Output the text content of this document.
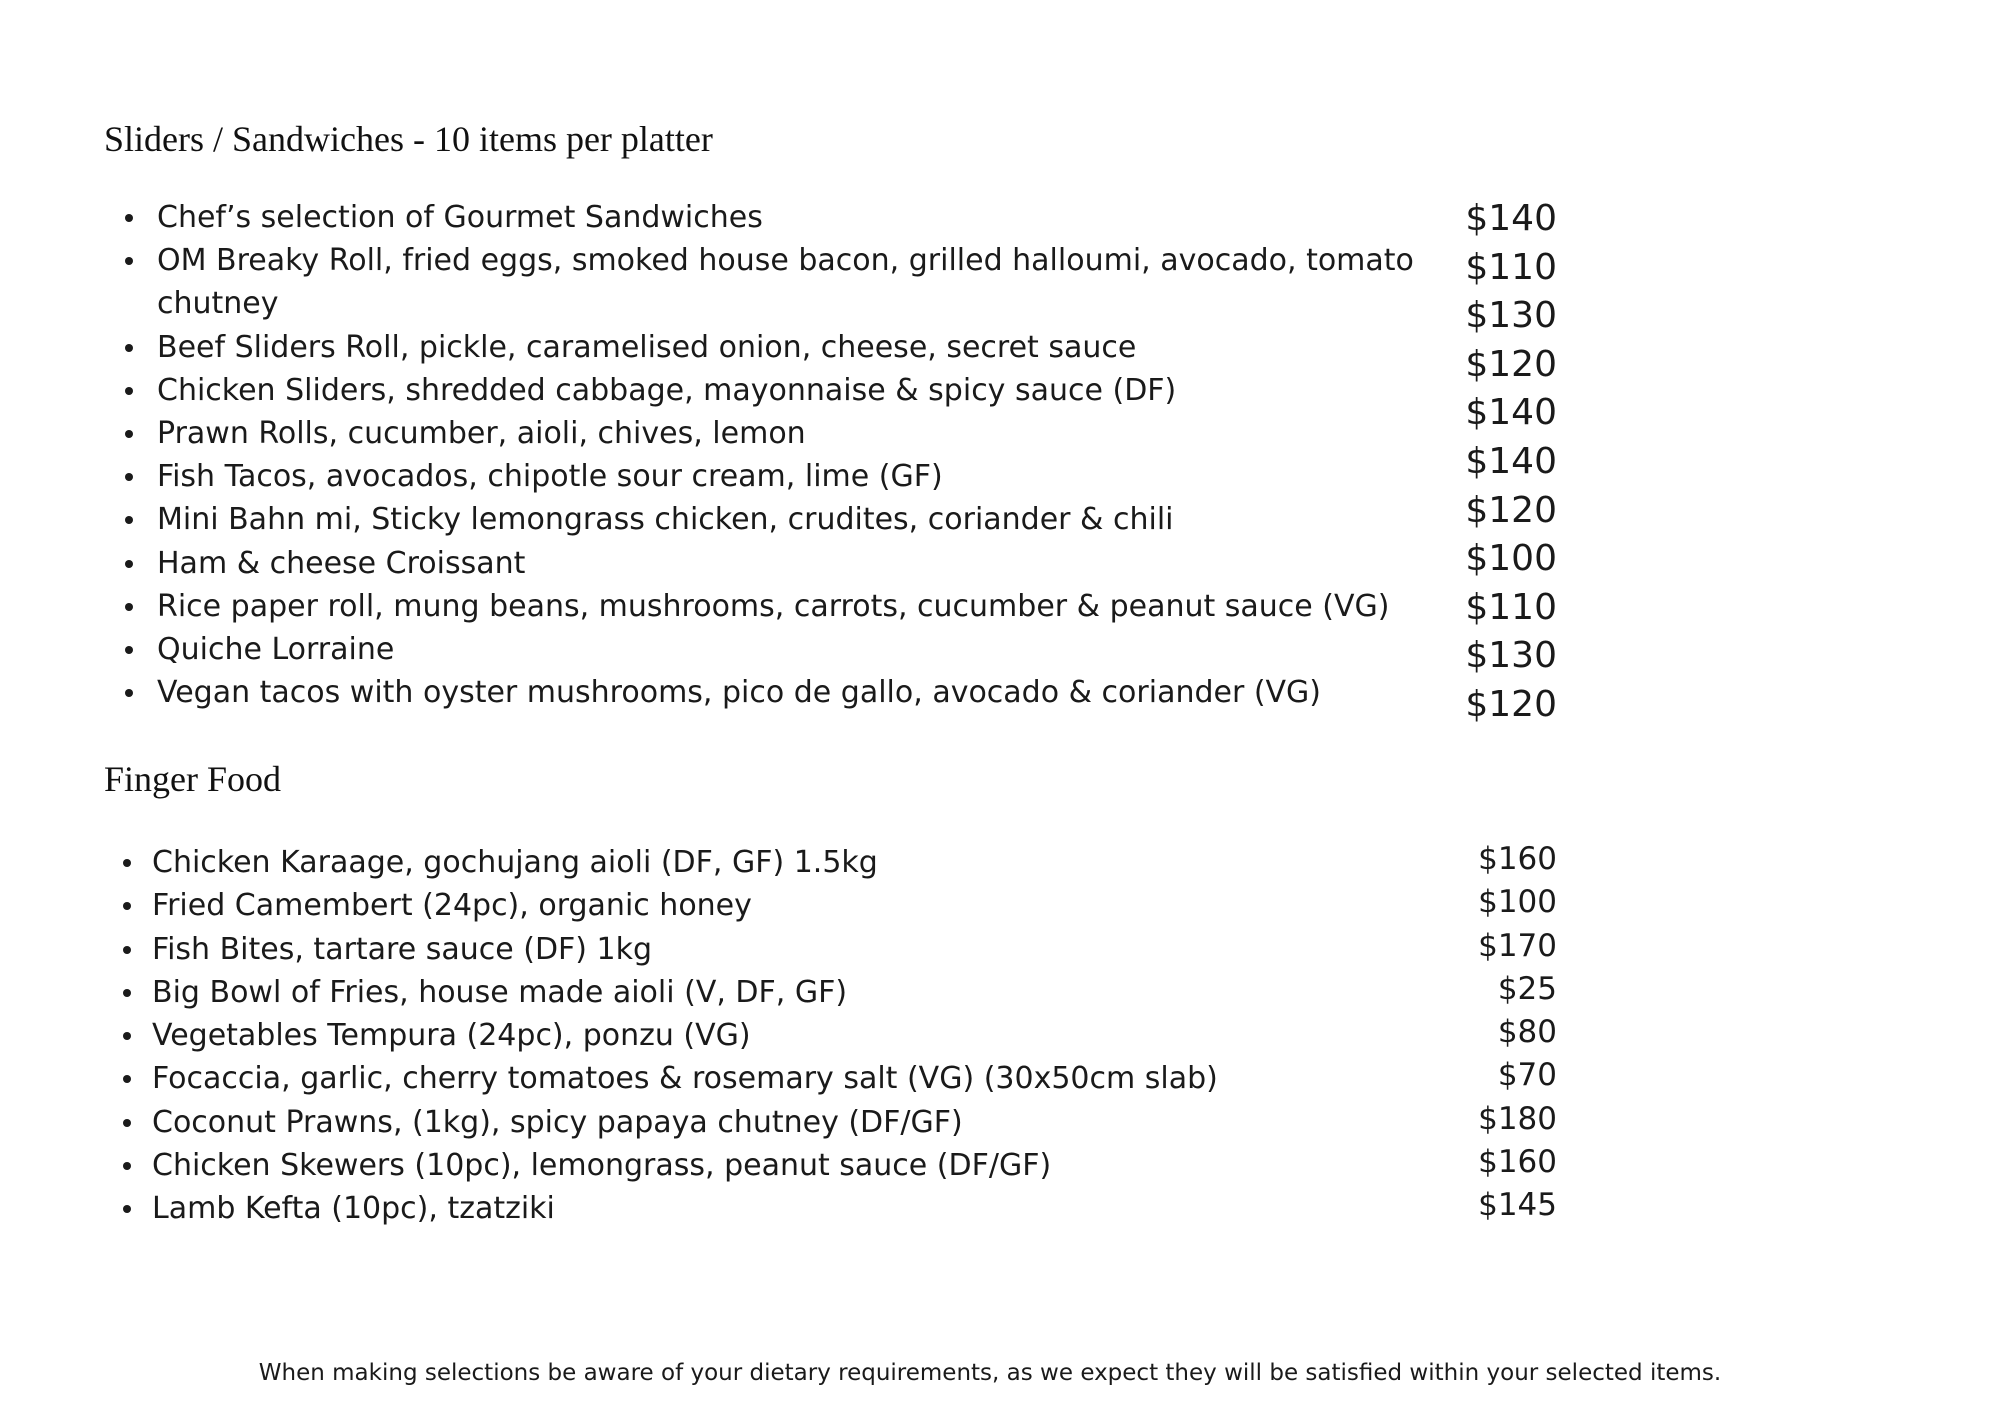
Sliders / Sandwiches - 10 items per platter
Chef’s selection of Gourmet Sandwiches
OM Breaky Roll, fried eggs, smoked house bacon, grilled halloumi, avocado, tomato chutney
Beef Sliders Roll, pickle, caramelised onion, cheese, secret sauce
Chicken Sliders, shredded cabbage, mayonnaise & spicy sauce (DF)
Prawn Rolls, cucumber, aioli, chives, lemon
Fish Tacos, avocados, chipotle sour cream, lime (GF)
Mini Bahn mi, Sticky lemongrass chicken, crudites, coriander & chili
Ham & cheese Croissant
Rice paper roll, mung beans, mushrooms, carrots, cucumber & peanut sauce (VG)
Quiche Lorraine
Vegan tacos with oyster mushrooms, pico de gallo, avocado & coriander (VG)
$140
$110
$130
$120
$140
$140
$120
$100
$110
$130
$120
Finger Food
Chicken Karaage, gochujang aioli (DF, GF) 1.5kg
Fried Camembert (24pc), organic honey
Fish Bites, tartare sauce (DF) 1kg
Big Bowl of Fries, house made aioli (V, DF, GF)
Vegetables Tempura (24pc), ponzu (VG)
Focaccia, garlic, cherry tomatoes & rosemary salt (VG) (30x50cm slab)
Coconut Prawns, (1kg), spicy papaya chutney (DF/GF)
Chicken Skewers (10pc), lemongrass, peanut sauce (DF/GF)
Lamb Kefta (10pc), tzatziki
$160
$100
$170
$25
$80
$70
$180
$160
$145

When making selections be aware of your dietary requirements, as we expect they will be satisfied within your selected items.
